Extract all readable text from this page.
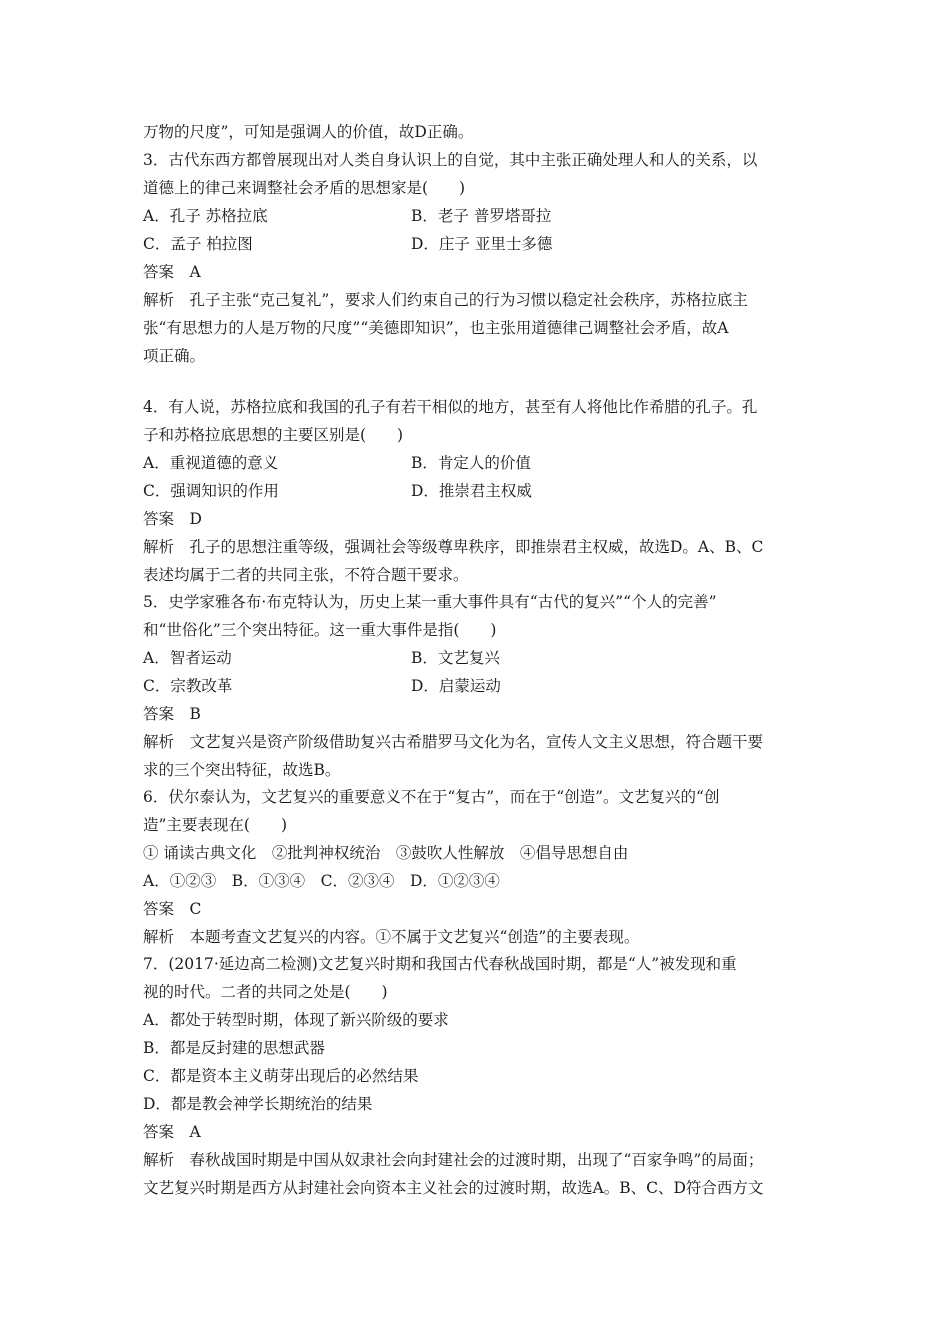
万物的尺度”，可知是强调人的价值，故D正确。
3．古代东西方都曾展现出对人类自身认识上的自觉，其中主张正确处理人和人的关系，以
道德上的律己来调整社会矛盾的思想家是(　　)
A．孔子 苏格拉底	B．老子 普罗塔哥拉
C．孟子 柏拉图	D．庄子 亚里士多德
答案　A
解析　孔子主张“克己复礼”，要求人们约束自己的行为习惯以稳定社会秩序，苏格拉底主
张“有思想力的人是万物的尺度”“美德即知识”，也主张用道德律己调整社会矛盾，故A
项正确。
4．有人说，苏格拉底和我国的孔子有若干相似的地方，甚至有人将他比作希腊的孔子。孔
子和苏格拉底思想的主要区别是(　　)
A．重视道德的意义	B．肯定人的价值
C．强调知识的作用	D．推崇君主权威
答案　D
解析　孔子的思想注重等级，强调社会等级尊卑秩序，即推崇君主权威，故选D。A、B、C
表述均属于二者的共同主张，不符合题干要求。
5．史学家雅各布·布克特认为，历史上某一重大事件具有“古代的复兴”“个人的完善”
和“世俗化”三个突出特征。这一重大事件是指(　　)
A．智者运动	B．文艺复兴
C．宗教改革	D．启蒙运动
答案　B
解析　文艺复兴是资产阶级借助复兴古希腊罗马文化为名，宣传人文主义思想，符合题干要
求的三个突出特征，故选B。
6．伏尔泰认为，文艺复兴的重要意义不在于“复古”，而在于“创造”。文艺复兴的“创
造”主要表现在(　　)
① 诵读古典文化　②批判神权统治　③鼓吹人性解放　④倡导思想自由
A．①②③　B．①③④　C．②③④　D．①②③④
答案　C
解析　本题考查文艺复兴的内容。①不属于文艺复兴“创造”的主要表现。
7．(2017·延边高二检测)文艺复兴时期和我国古代春秋战国时期，都是“人”被发现和重
视的时代。二者的共同之处是(　　)
A．都处于转型时期，体现了新兴阶级的要求
B．都是反封建的思想武器
C．都是资本主义萌芽出现后的必然结果
D．都是教会神学长期统治的结果
答案　A
解析　春秋战国时期是中国从奴隶社会向封建社会的过渡时期，出现了“百家争鸣”的局面；
文艺复兴时期是西方从封建社会向资本主义社会的过渡时期，故选A。B、C、D符合西方文
